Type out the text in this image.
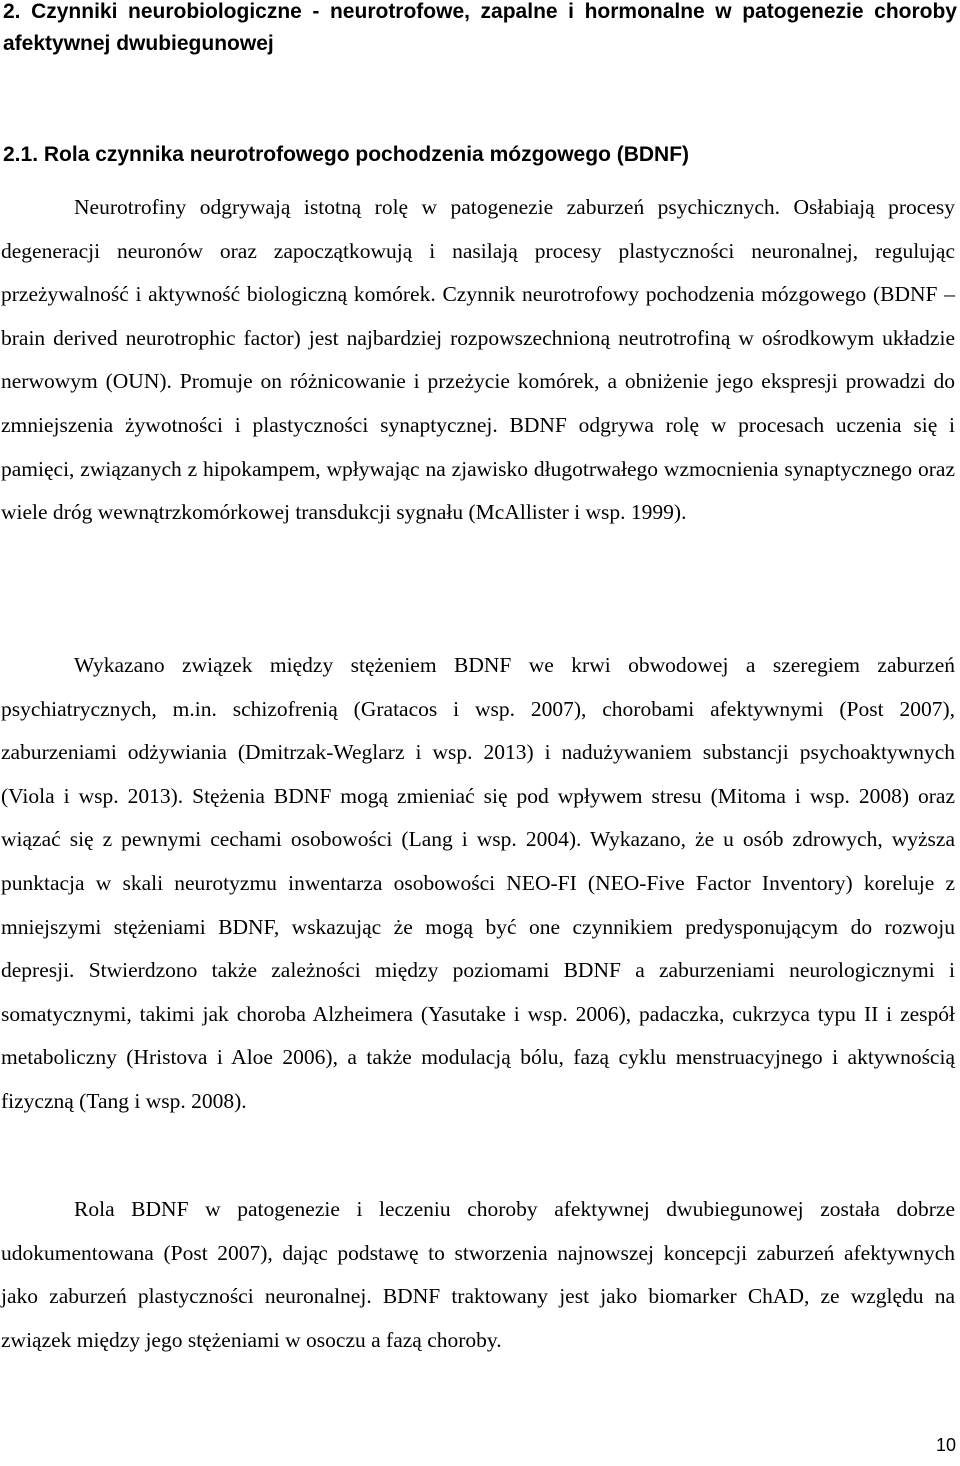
2. Czynniki neurobiologiczne - neurotrofowe, zapalne i hormonalne w patogenezie choroby afektywnej dwubiegunowej
2.1. Rola czynnika neurotrofowego pochodzenia mózgowego (BDNF)

Neurotrofiny odgrywają istotną rolę w patogenezie zaburzeń psychicznych. Osłabiają procesy degeneracji neuronów oraz zapoczątkowują i nasilają procesy plastyczności neuronalnej, regulując przeżywalność i aktywność biologiczną komórek. Czynnik neurotrofowy pochodzenia mózgowego (BDNF – brain derived neurotrophic factor) jest najbardziej rozpowszechnioną neutrotrofiną w ośrodkowym układzie nerwowym (OUN). Promuje on różnicowanie i przeżycie komórek, a obniżenie jego ekspresji prowadzi do zmniejszenia żywotności i plastyczności synaptycznej. BDNF odgrywa rolę w procesach uczenia się i pamięci, związanych z hipokampem, wpływając na zjawisko długotrwałego wzmocnienia synaptycznego oraz wiele dróg wewnątrzkomórkowej transdukcji sygnału (McAllister i wsp. 1999).

Wykazano związek między stężeniem BDNF we krwi obwodowej a szeregiem zaburzeń psychiatrycznych, m.in. schizofrenią (Gratacos i wsp. 2007), chorobami afektywnymi (Post 2007), zaburzeniami odżywiania (Dmitrzak-Weglarz i wsp. 2013) i nadużywaniem substancji psychoaktywnych (Viola i wsp. 2013). Stężenia BDNF mogą zmieniać się pod wpływem stresu (Mitoma i wsp. 2008) oraz wiązać się z pewnymi cechami osobowości (Lang i wsp. 2004). Wykazano, że u osób zdrowych, wyższa punktacja w skali neurotyzmu inwentarza osobowości NEO-FI (NEO-Five Factor Inventory) koreluje z mniejszymi stężeniami BDNF, wskazując że mogą być one czynnikiem predysponującym do rozwoju depresji. Stwierdzono także zależności między poziomami BDNF a zaburzeniami neurologicznymi i somatycznymi, takimi jak choroba Alzheimera (Yasutake i wsp. 2006), padaczka, cukrzyca typu II i zespół metaboliczny (Hristova i Aloe 2006), a także modulacją bólu, fazą cyklu menstruacyjnego i aktywnością fizyczną (Tang i wsp. 2008).

Rola BDNF w patogenezie i leczeniu choroby afektywnej dwubiegunowej została dobrze udokumentowana (Post 2007), dając podstawę to stworzenia najnowszej koncepcji zaburzeń afektywnych jako zaburzeń plastyczności neuronalnej. BDNF traktowany jest jako biomarker ChAD, ze względu na związek między jego stężeniami w osoczu a fazą choroby.

10
